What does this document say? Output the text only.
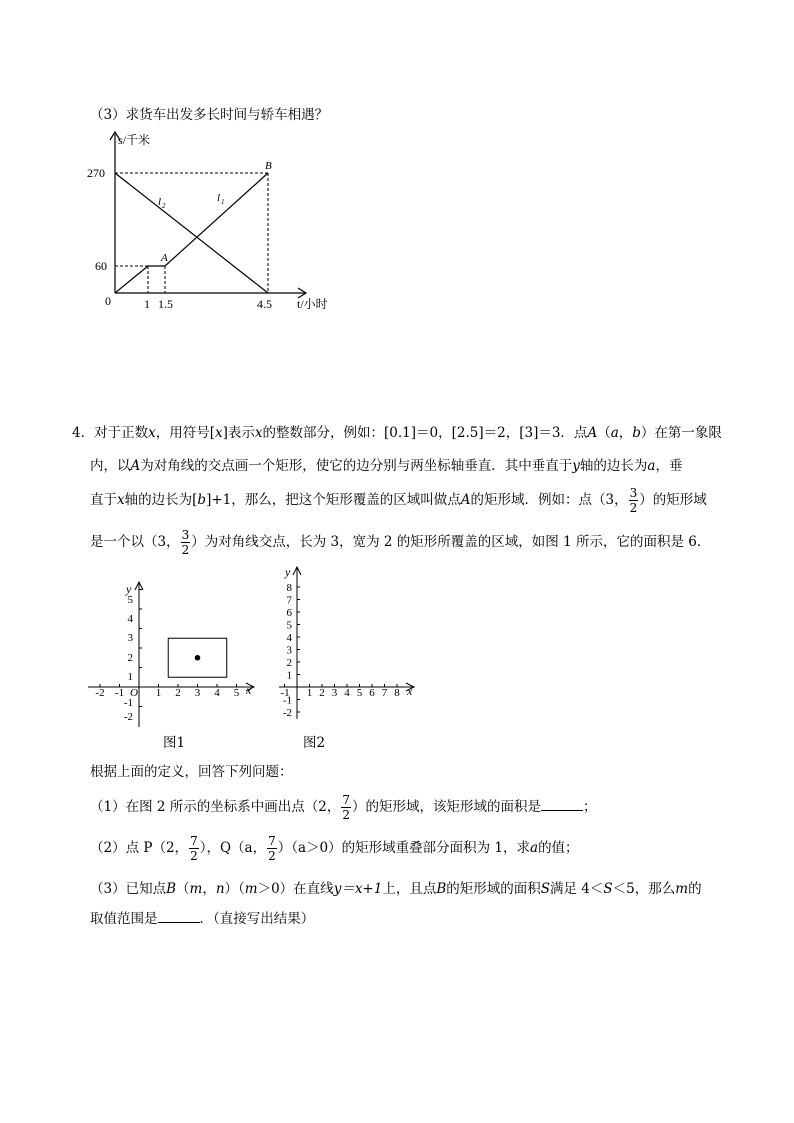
（3）求货车出发多长时间与轿车相遇？
270
60
s/千米
0	1 1.5	4.5 t/小时
A
B
l 1
l 2
4．对于正数x，用符号[x]表示x的整数部分，例如：[0.1]＝0，[2.5]＝2，[3]＝3．点A（a，b）在第一象限
内，以A为对角线的交点画一个矩形，使它的边分别与两坐标轴垂直．其中垂直于y轴的边长为a，垂
直于x轴的边长为[b]+1，那么，把这个矩形覆盖的区域叫做点A的矩形域．例如：点（3， $\frac{3}{2}$ ）的矩形域
是一个以（3， $\frac{3}{2}$ ）为对角线交点，长为 3，宽为 2 的矩形所覆盖的区域，如图 1 所示，它的面积是 6．
y
x
O
5
4
3
2
1
-1
-2
-2 -1	1 2 3 4 5
图1
y
x
8
7
6
5
4
3
2
1
-1
-2
-1 1 2 3 4 5 6 7 8
图2
根据上面的定义，回答下列问题：
（1）在图 2 所示的坐标系中画出点（2， $\frac{7}{2}$ ）的矩形域，该矩形域的面积是	；
（2）点 P（2， $\frac{7}{2}$ ），Q（a， $\frac{7}{2} )(a>0)$的矩形域重叠部分面积为 1，求a的值；
（3）已知点B（m，n）（m＞0）在直线y＝x+1上，且点B的矩形域的面积S满足 4＜S＜5，那么m的
取值范围是	．（直接写出结果）
